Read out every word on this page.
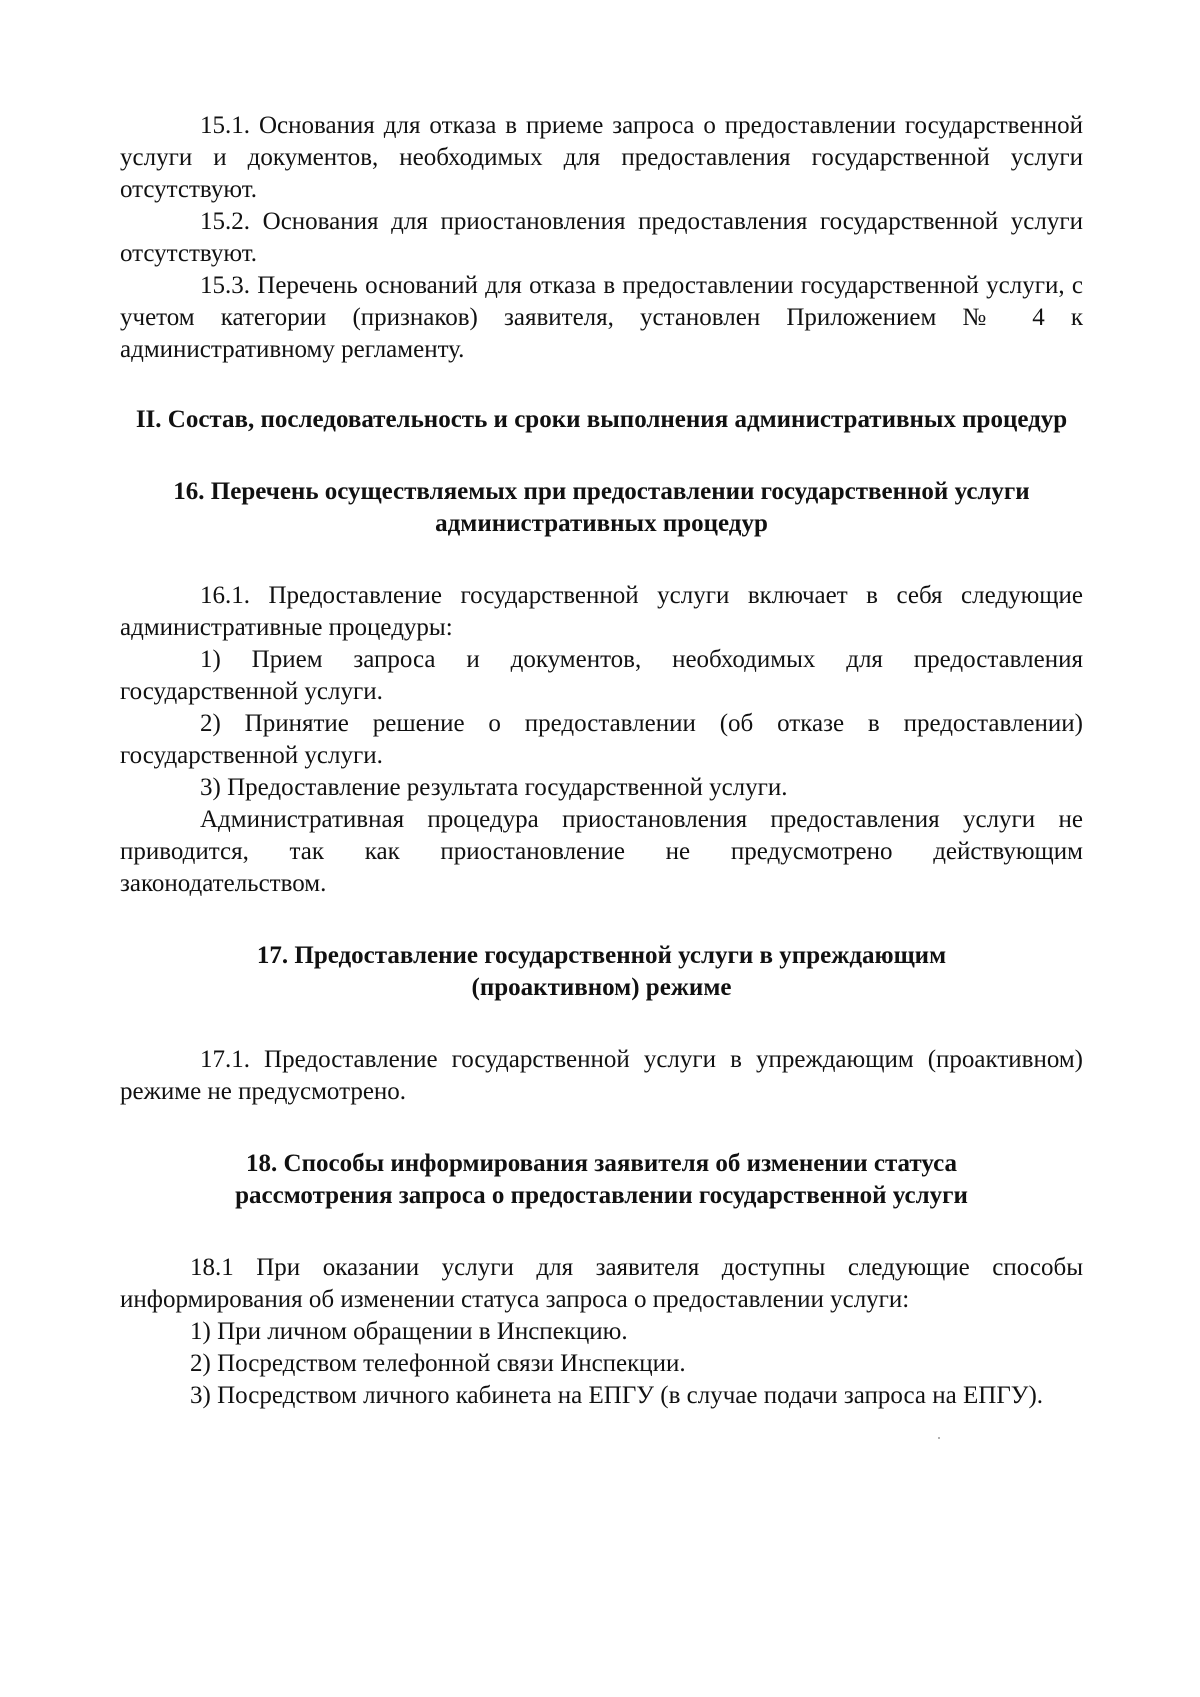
15.1. Основания для отказа в приеме запроса о предоставлении государственной услуги и документов, необходимых для предоставления государственной услуги отсутствуют.

15.2. Основания для приостановления предоставления государственной услуги отсутствуют.

15.3. Перечень оснований для отказа в предоставлении государственной услуги, с учетом категории (признаков) заявителя, установлен Приложением № 4 к административному регламенту.

II. Состав, последовательность и сроки выполнения административных процедур
16. Перечень осуществляемых при предоставлении государственной услуги
административных процедур

16.1. Предоставление государственной услуги включает в себя следующие административные процедуры:

1) Прием запроса и документов, необходимых для предоставления государственной услуги.

2) Принятие решение о предоставлении (об отказе в предоставлении) государственной услуги.

3) Предоставление результата государственной услуги.

Административная процедура приостановления предоставления услуги не приводится, так как приостановление не предусмотрено действующим законодательством.

17. Предоставление государственной услуги в упреждающим
(проактивном) режиме

17.1. Предоставление государственной услуги в упреждающим (проактивном) режиме не предусмотрено.

18. Способы информирования заявителя об изменении статуса
рассмотрения запроса о предоставлении государственной услуги

18.1 При оказании услуги для заявителя доступны следующие способы информирования об изменении статуса запроса о предоставлении услуги:

1) При личном обращении в Инспекцию.

2) Посредством телефонной связи Инспекции.

3) Посредством личного кабинета на ЕПГУ (в случае подачи запроса на ЕПГУ).
